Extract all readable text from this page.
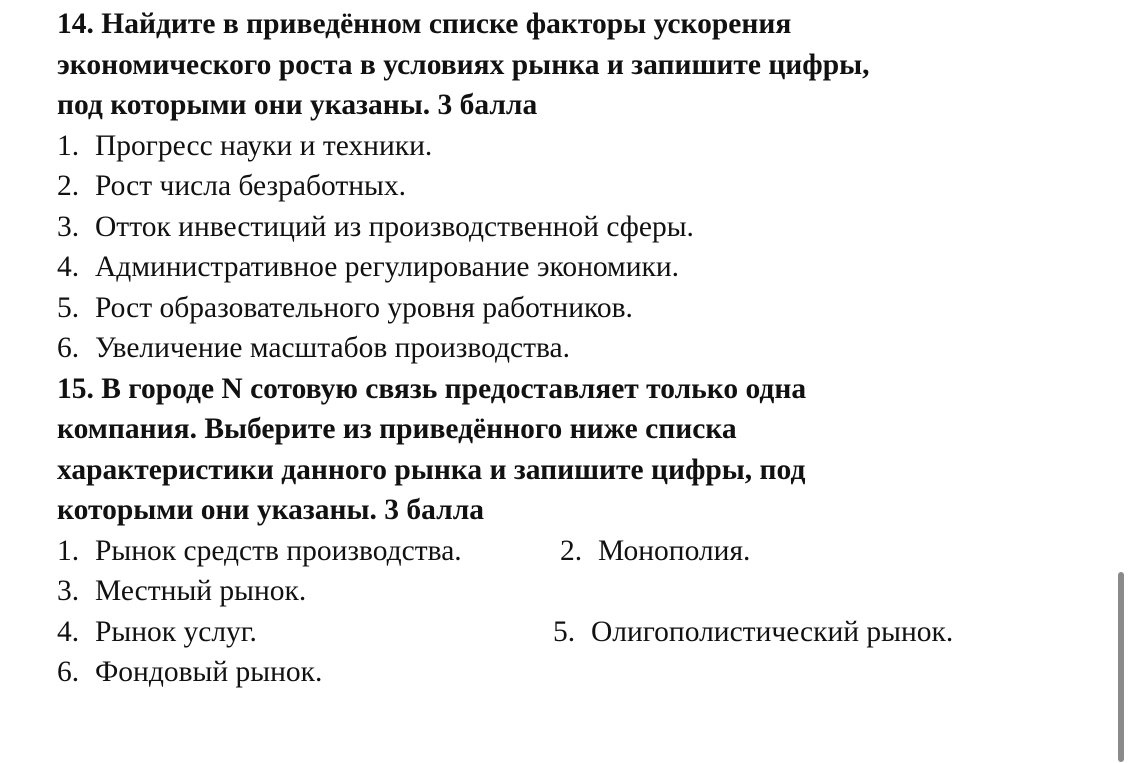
14. Найдите в приведённом списке факторы ускорения
экономического роста в условиях рынка и запишите цифры,
под которыми они указаны. 3 балла
1. Прогресс науки и техники.
2. Рост числа безработных.
3. Отток инвестиций из производственной сферы.
4. Административное регулирование экономики.
5. Рост образовательного уровня работников.
6. Увеличение масштабов производства.
15. В городе N сотовую связь предоставляет только одна
компания. Выберите из приведённого ниже списка
характеристики данного рынка и запишите цифры, под
которыми они указаны. 3 балла
1. Рынок средств производства.	2. Монополия.
3. Местный рынок.
4. Рынок услуг.	5. Олигополистический рынок.
6. Фондовый рынок.
